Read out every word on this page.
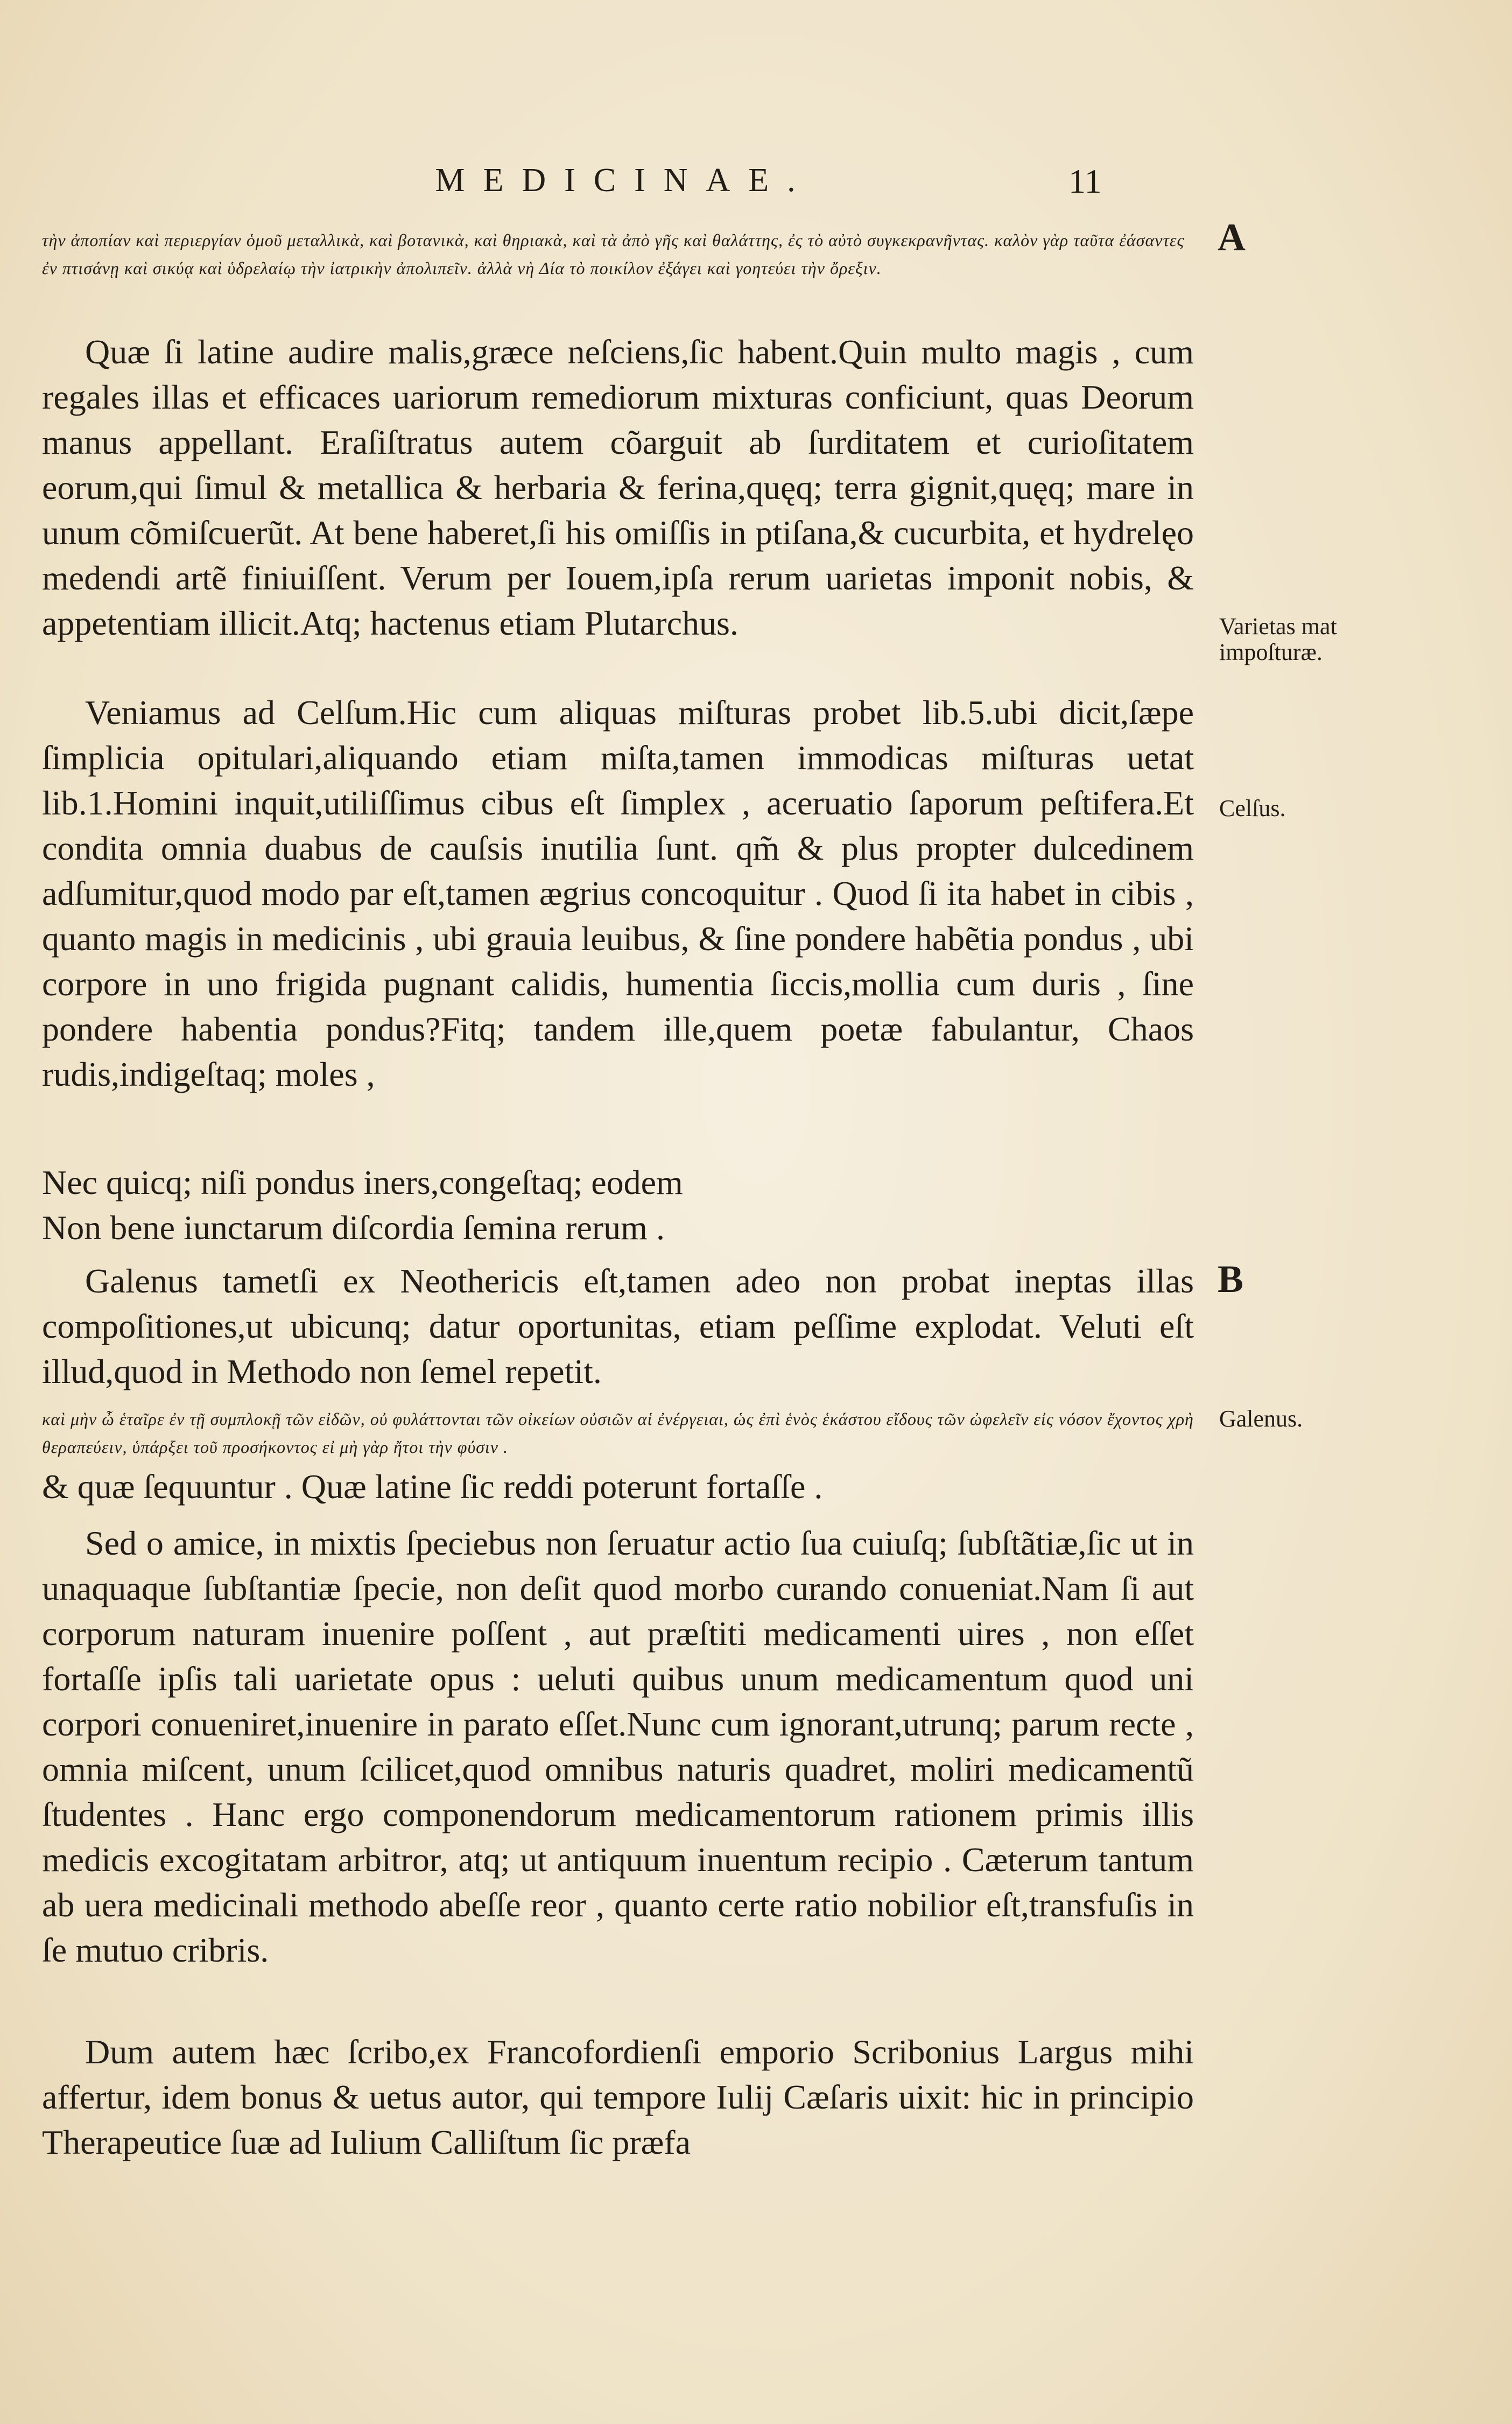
MEDICINAE.	11
A
B
τὴν ἀποπίαν καὶ περιεργίαν ὁμοῦ μεταλλικὰ, καὶ βοτανικὰ, καὶ θηριακὰ, καὶ τὰ ἀπὸ γῆς καὶ θαλάττης, ἐς τὸ αὐτὸ συγκεκρανῆντας. καλὸν γὰρ ταῦτα ἐάσαντες ἐν πτισάνῃ καὶ σικύᾳ καὶ ὑδρελαίῳ τὴν ἰατρικὴν ἀπολιπεῖν. ἀλλὰ νὴ Δία τὸ ποικίλον ἐξάγει καὶ γοητεύει τὴν ὄρεξιν.

Quæ ſi latine audire malis,græce neſciens,ſic habent.Quin multo magis , cum regales illas et efficaces uariorum remediorum mixturas conficiunt, quas Deorum manus appellant. Eraſiſtratus autem cõarguit ab ſurditatem et curioſitatem eorum,qui ſimul & metallica & herbaria & ferina,quęq; terra gignit,quęq; mare in unum cõmiſcuerũt. At bene haberet,ſi his omiſſis in ptiſana,& cucurbita, et hydrelęo medendi artẽ finiuiſſent. Verum per Iouem,ipſa rerum uarietas imponit nobis, & appetentiam illicit.Atq; hactenus etiam Plutarchus.

Veniamus ad Celſum.Hic cum aliquas miſturas probet lib.5.ubi dicit,ſæpe ſimplicia opitulari,aliquando etiam miſta,tamen immodicas miſturas uetat lib.1.Homini inquit,utiliſſimus cibus eſt ſimplex , aceruatio ſaporum peſtifera.Et condita omnia duabus de cauſsis inutilia ſunt. qm̃ & plus propter dulcedinem adſumitur,quod modo par eſt,tamen ægrius concoquitur . Quod ſi ita habet in cibis , quanto magis in medicinis , ubi grauia leuibus, & ſine pondere habẽtia pondus , ubi corpore in uno frigida pugnant calidis, humentia ſiccis,mollia cum duris , ſine pondere habentia pondus?Fitq; tandem ille,quem poetæ fabulantur, Chaos rudis,indigeſtaq; moles ,

Nec quicq; niſi pondus iners,congeſtaq; eodem

Non bene iunctarum diſcordia ſemina rerum .

Galenus tametſi ex Neothericis eſt,tamen adeo non probat ineptas illas compoſitiones,ut ubicunq; datur oportunitas, etiam peſſime explodat. Veluti eſt illud,quod in Methodo non ſemel repetit.

καὶ μὴν ὦ ἑταῖρε ἐν τῇ συμπλοκῇ τῶν εἰδῶν, οὐ φυλάττονται τῶν οἰκείων οὐσιῶν αἱ ἐνέργειαι, ὡς ἐπὶ ἑνὸς ἑκάστου εἴδους τῶν ὠφελεῖν εἰς νόσον ἔχοντος χρὴ θεραπεύειν, ὑπάρξει τοῦ προσήκοντος εἰ μὴ γὰρ ἤτοι τὴν φύσιν .

& quæ ſequuntur . Quæ latine ſic reddi poterunt fortaſſe .

Sed o amice, in mixtis ſpeciebus non ſeruatur actio ſua cuiuſq; ſubſtãtiæ,ſic ut in unaquaque ſubſtantiæ ſpecie, non deſit quod morbo curando conueniat.Nam ſi aut corporum naturam inuenire poſſent , aut præſtiti medicamenti uires , non eſſet fortaſſe ipſis tali uarietate opus : ueluti quibus unum medicamentum quod uni corpori conueniret,inuenire in parato eſſet.Nunc cum ignorant,utrunq; parum recte , omnia miſcent, unum ſcilicet,quod omnibus naturis quadret, moliri medicamentũ ſtudentes . Hanc ergo componendorum medicamentorum rationem primis illis medicis excogitatam arbitror, atq; ut antiquum inuentum recipio . Cæterum tantum ab uera medicinali methodo abeſſe reor , quanto certe ratio nobilior eſt,transfuſis in ſe mutuo cribris.

Dum autem hæc ſcribo,ex Francofordienſi emporio Scribonius Largus mihi affertur, idem bonus & uetus autor, qui tempore Iulij Cæſaris uixit: hic in principio Therapeutice ſuæ ad Iulium Calliſtum ſic præfa

Varietas mat impoſturæ.
Celſus.
Galenus.
